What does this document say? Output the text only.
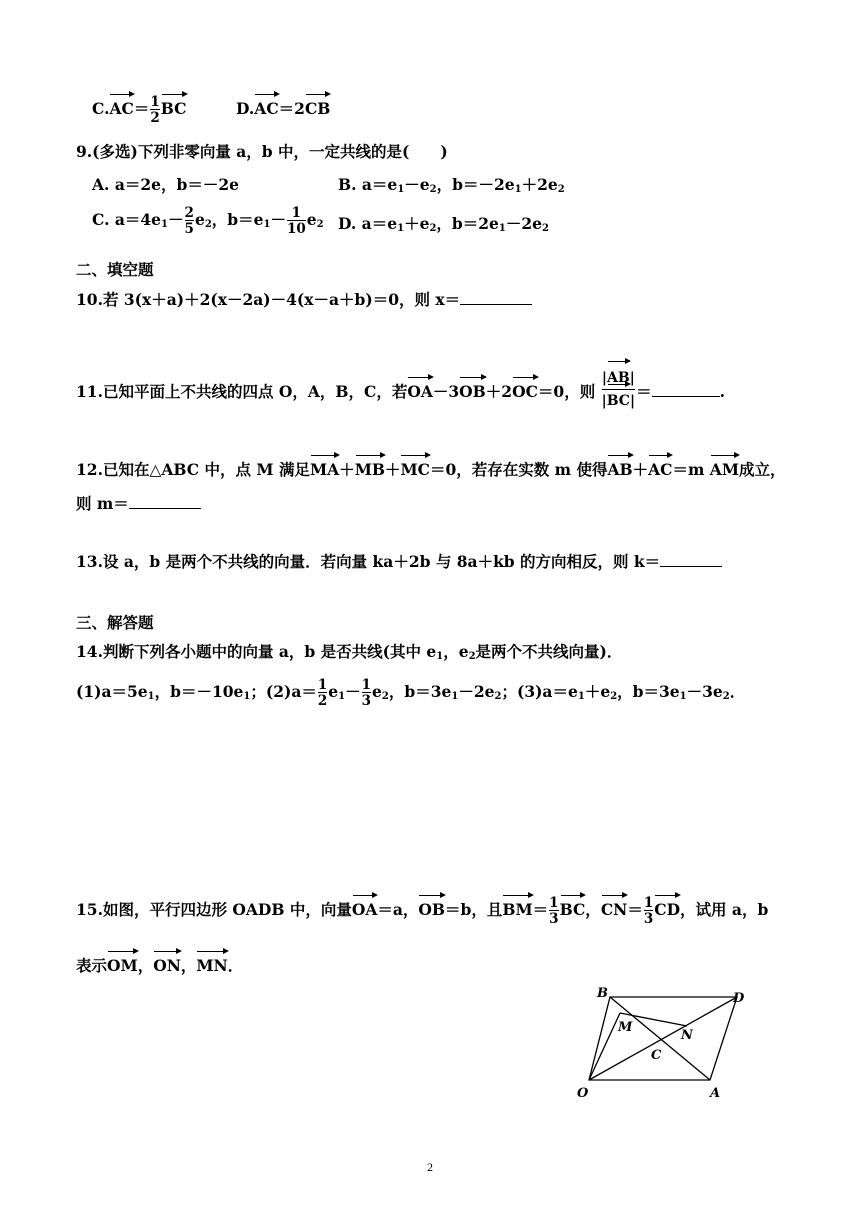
$C.AC= \frac{1}{2}$ BC	D.AC＝2CB
9.(多选)下列非零向量 a，b 中，一定共线的是(　　)
A. a＝2e，b＝－2e	B. $a=e_1-e_2$，$b=-2e_1+2e_2$
C. $a=4e_1- \frac{2}{5} e_2$，$b=e_1- \frac{1}{10} e_2$ D. $a=e_1+e_2$，$b=2e_1-2e_2$
二、填空题
10.若 3(x＋a)＋2(x－2a)－4(x－a＋b)＝0，则 x＝
11.已知平面上不共线的四点 O，A，B，C，若OA－3OB＋2OC＝0，则 $\frac{|AB|}{|BC|}$ ＝	.
12.已知在△ABC 中，点 M 满足MA＋MB＋MC＝0，若存在实数 m 使得AB＋AC＝m AM成立，
则 m＝
13.设 a，b 是两个不共线的向量．若向量 ka＋2b 与 8a＋kb 的方向相反，则 k＝
三、解答题
14.判断下列各小题中的向量 a，b 是否共线(其中 $e_1$，$e_2$是两个不共线向量)．
$(1)a=5e_1$，$b=-10e_1$；$(2)a= \frac{1}{2} e_1- \frac{1}{3} e_2$，$b=3e_1-2e_2$；$(3)a=e_1+e_2$，$b=3e_1-3e_2$．
15.如图，平行四边形 OADB 中，向量OA＝a，OB＝b，且$BM= \frac{1}{3}$ BC，$CN= \frac{1}{3}$ CD，试用 a，b
表示OM，ON，MN．
B	D
M
N
C
O	A
2
